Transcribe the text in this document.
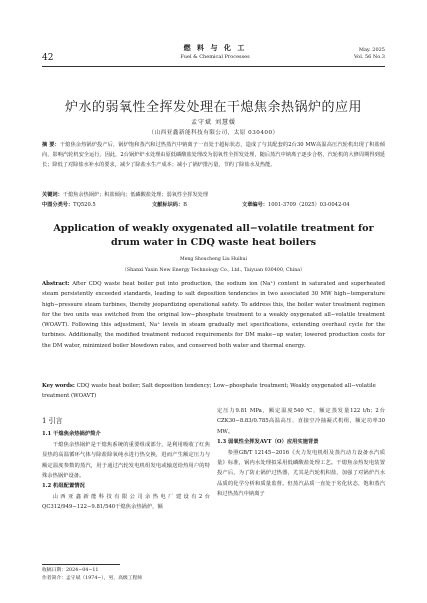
42
燃 料 与 化 工
Fuel & Chemical Processes
May. 2025
Vol. 56 No.3
炉水的弱氧性全挥发处理在干熄焦余热锅炉的应用
孟守斌 刘慧媛
（山西亚鑫新能科技有限公司，太原 030400）
摘 要：干熄焦余热锅炉投产后，锅炉饱和蒸汽和过热蒸汽中钠离子一直处于超标状态，造成了与其配套的2台30 MW高温高压汽轮机出现了积盐倾向，影响汽轮机安全运行。因此，2台锅炉炉水处理由原低磷酸盐处理改为弱氧性全挥发处理，随后蒸汽中钠离子逐步合格，汽轮机的大修周期得到延长；降低了对除盐水补水的要求，减少了除盐水生产成本；减小了锅炉排污量，节约了除盐水及热能。
关键词：干熄焦余热锅炉；积盐倾向；低磷酸盐处理；弱氧性全挥发处理
中图分类号：TQ520.5	文献标识码：B	文章编号：1001-3709（2025）03-0042-04
Application of weakly oxygenated all−volatile treatment for
drum water in CDQ waste heat boilers
Meng Shoucheng Liu Huihui
（Shanxi Yaxin New Energy Technology Co., Ltd., Taiyuan 030400, China）
Abstract: After CDQ waste heat boiler put into production, the sodium ion (Na⁺) content in saturated and superheated steam persistently exceeded standards, leading to salt deposition tendencies in two associated 30 MW high−temperature high−pressure steam turbines, thereby jeopardizing operational safety. To address this, the boiler water treatment regimen for the two units was switched from the original low−phosphate treatment to a weakly oxygenated all−volatile treatment (WOAVT). Following this adjustment, Na⁺ levels in steam gradually met specifications, extending overhaul cycle for the turbines. Additionally, the modified treatment reduced requirements for DM make−up water, lowered production costs for the DM water, minimized boiler blowdown rates, and conserved both water and thermal energy.
Key words: CDQ waste heat boiler; Salt deposition tendency; Low−phosphate treatment; Weakly oxygenated all−volatile treatment (WOAVT)
1 引言

1.1 干熄焦余热锅炉简介

干熄焦余热锅炉是干熄焦系统的重要组成部分，是利用吸收了红焦显热的高温循环气体与除盐除氧纯水进行热交换，进而产生额定压力与额定温度参数的蒸汽，用于通过汽轮发电机组发电或输送给热用户的特殊余热锅炉设备。

1.2 机组配置情况

山西亚鑫新能科技有限公司余热电厂建设有2台QC312/949−122−9.81/540干熄焦余热锅炉，额

定压力9.81 MPa，额定温度540 ℃，额定蒸发量122 t/h；2台CZK30−8.83/0.785高温高压、直接空冷抽凝式机组，额定功率30 MW。

1.3 弱氧性全挥发AVT（O）应用实施背景

参照GB/T 12145−2016《火力发电机组及蒸汽动力设备水汽质量》标准，锅内水处理拟采用低磷酸盐处理工艺。干熄焦余热发电装置投产后，为了防止锅炉过热器，尤其是汽轮机积盐，加强了对锅炉汽水品质的化学分析和质量监督。但蒸汽品质一直处于劣化状态，饱和蒸汽和过热蒸汽中钠离子

收稿日期：2024−04−11
作者简介：孟守斌（1974−），男，高级工程师
